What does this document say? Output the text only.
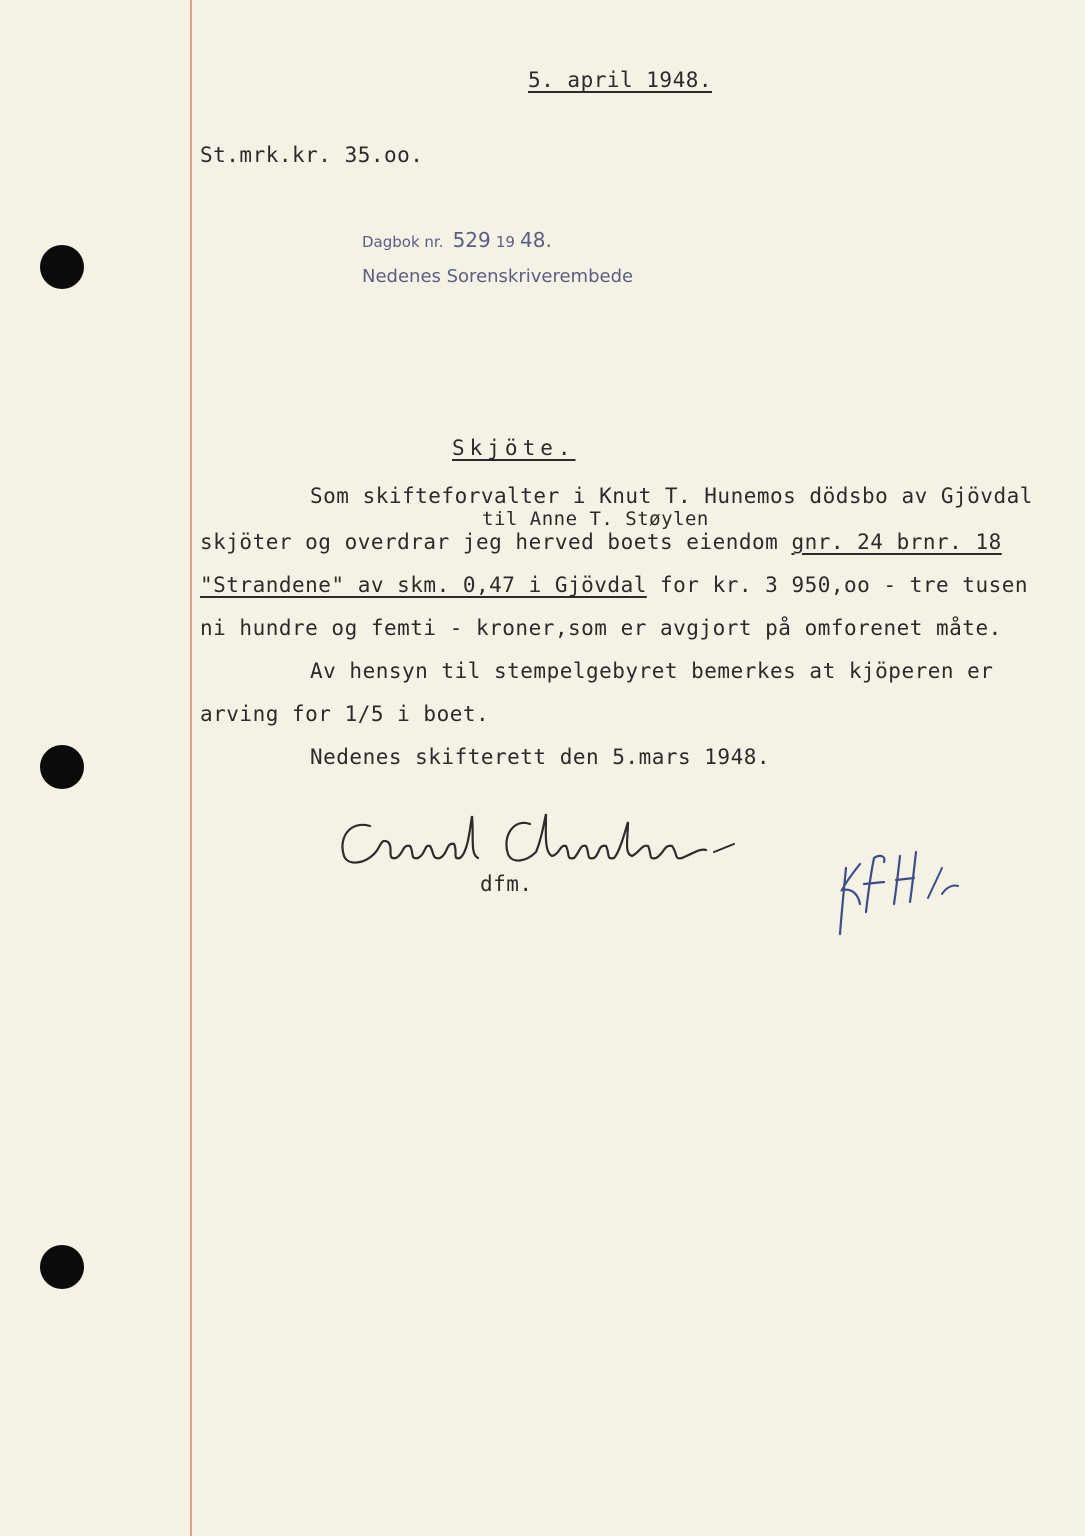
5. april 1948.
St.mrk.kr. 35.oo.
Dagbok nr. 529 19 48.
Nedenes Sorenskriverembede
Skjöte.
Som skifteforvalter i Knut T. Hunemos dödsbo av Gjövdal
til Anne T. Støylen
skjöter og overdrar jeg herved boets eiendom gnr. 24 brnr. 18
"Strandene" av skm. 0,47 i Gjövdal for kr. 3 950,oo - tre tusen
ni hundre og femti - kroner,som er avgjort på omforenet måte.
Av hensyn til stempelgebyret bemerkes at kjöperen er
arving for 1/5 i boet.
Nedenes skifterett den 5.mars 1948.
dfm.
